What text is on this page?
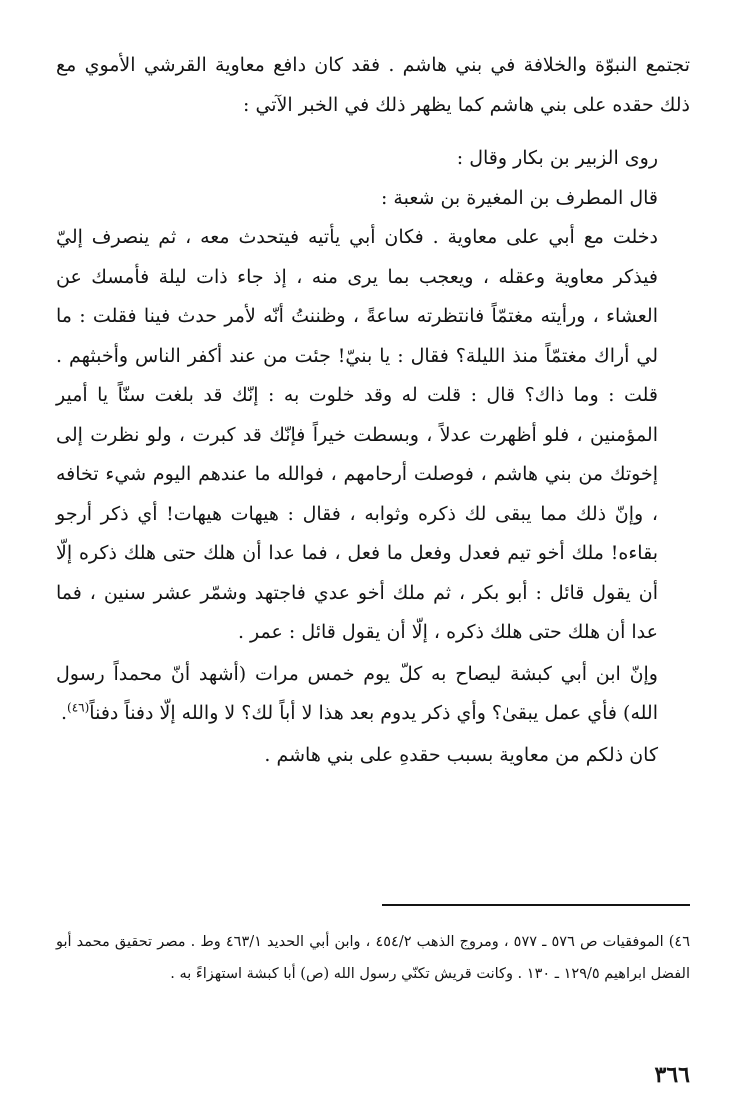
تجتمع النبوّة والخلافة في بني هاشم . فقد كان دافع معاوية القرشي الأموي مع ذلك حقده على بني هاشم كما يظهر ذلك في الخبر الآتي :

روى الزبير بن بكار وقال :

قال المطرف بن المغيرة بن شعبة :

دخلت مع أبي على معاوية . فكان أبي يأتيه فيتحدث معه ، ثم ينصرف إليّ فيذكر معاوية وعقله ، ويعجب بما يرى منه ، إذ جاء ذات ليلة فأمسك عن العشاء ، ورأيته مغتمّاً فانتظرته ساعةً ، وظننتُ أنّه لأمر حدث فينا فقلت : ما لي أراك مغتمّاً منذ الليلة؟ فقال : يا بنيّ! جئت من عند أكفر الناس وأخبثهم . قلت : وما ذاك؟ قال : قلت له وقد خلوت به : إنّك قد بلغت سنّاً يا أمير المؤمنين ، فلو أظهرت عدلاً ، وبسطت خيراً فإنّك قد كبرت ، ولو نظرت إلى إخوتك من بني هاشم ، فوصلت أرحامهم ، فوالله ما عندهم اليوم شيء تخافه ، وإنّ ذلك مما يبقى لك ذكره وثوابه ، فقال : هيهات هيهات! أي ذكر أرجو بقاءه! ملك أخو تيم فعدل وفعل ما فعل ، فما عدا أن هلك حتى هلك ذكره إلّا أن يقول قائل : أبو بكر ، ثم ملك أخو عدي فاجتهد وشمّر عشر سنين ، فما عدا أن هلك حتى هلك ذكره ، إلّا أن يقول قائل : عمر .

وإنّ ابن أبي كبشة ليصاح به كلّ يوم خمس مرات (أشهد أنّ محمداً رسول الله) فأي عمل يبقىٰ؟ وأي ذكر يدوم بعد هذا لا أباً لك؟ لا والله إلّا دفناً دفناً$^{(٤٦)}$.

كان ذلكم من معاوية بسبب حقدهِ على بني هاشم .

٤٦) الموفقيات ص ٥٧٦ ـ ٥٧٧ ، ومروج الذهب ٤٥٤/٢ ، وابن أبي الحديد ٤٦٣/١ وط . مصر تحقيق محمد أبو الفضل ابراهيم ١٢٩/٥ ـ ١٣٠ . وكانت قريش تكنّي رسول الله (ص) أبا كبشة استهزاءً به .

٣٦٦
